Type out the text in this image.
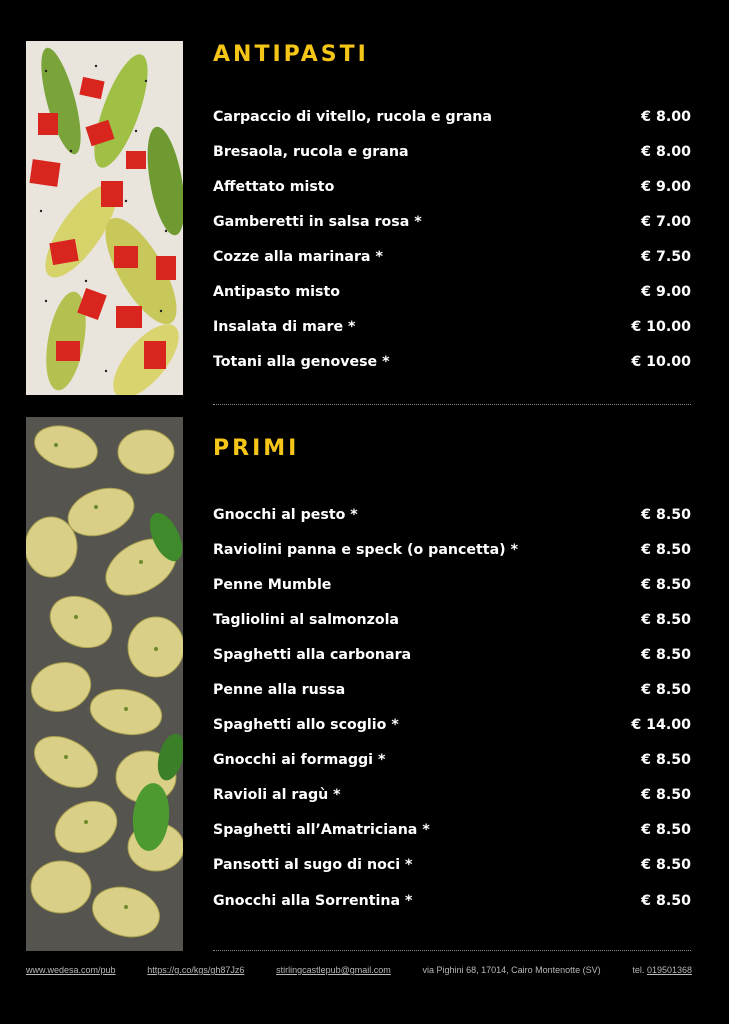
ANTIPASTI
Carpaccio di vitello, rucola e grana	€ 8.00
Bresaola, rucola e grana	€ 8.00
Affettato misto	€ 9.00
Gamberetti in salsa rosa *	€ 7.00
Cozze alla marinara *	€ 7.50
Antipasto misto	€ 9.00
Insalata di mare *	€ 10.00
Totani alla genovese *	€ 10.00
PRIMI
Gnocchi al pesto *	€ 8.50
Raviolini panna e speck (o pancetta) *	€ 8.50
Penne Mumble	€ 8.50
Tagliolini al salmonzola	€ 8.50
Spaghetti alla carbonara	€ 8.50
Penne alla russa	€ 8.50
Spaghetti allo scoglio *	€ 14.00
Gnocchi ai formaggi *	€ 8.50
Ravioli al ragù *	€ 8.50
Spaghetti all’Amatriciana *	€ 8.50
Pansotti al sugo di noci *	€ 8.50
Gnocchi alla Sorrentina *	€ 8.50
www.wedesa.com/pub	https://g.co/kgs/gh87Jz6	stirlingcastlepub@gmail.com	via Pighini 68, 17014, Cairo Montenotte (SV)	tel. 019501368
